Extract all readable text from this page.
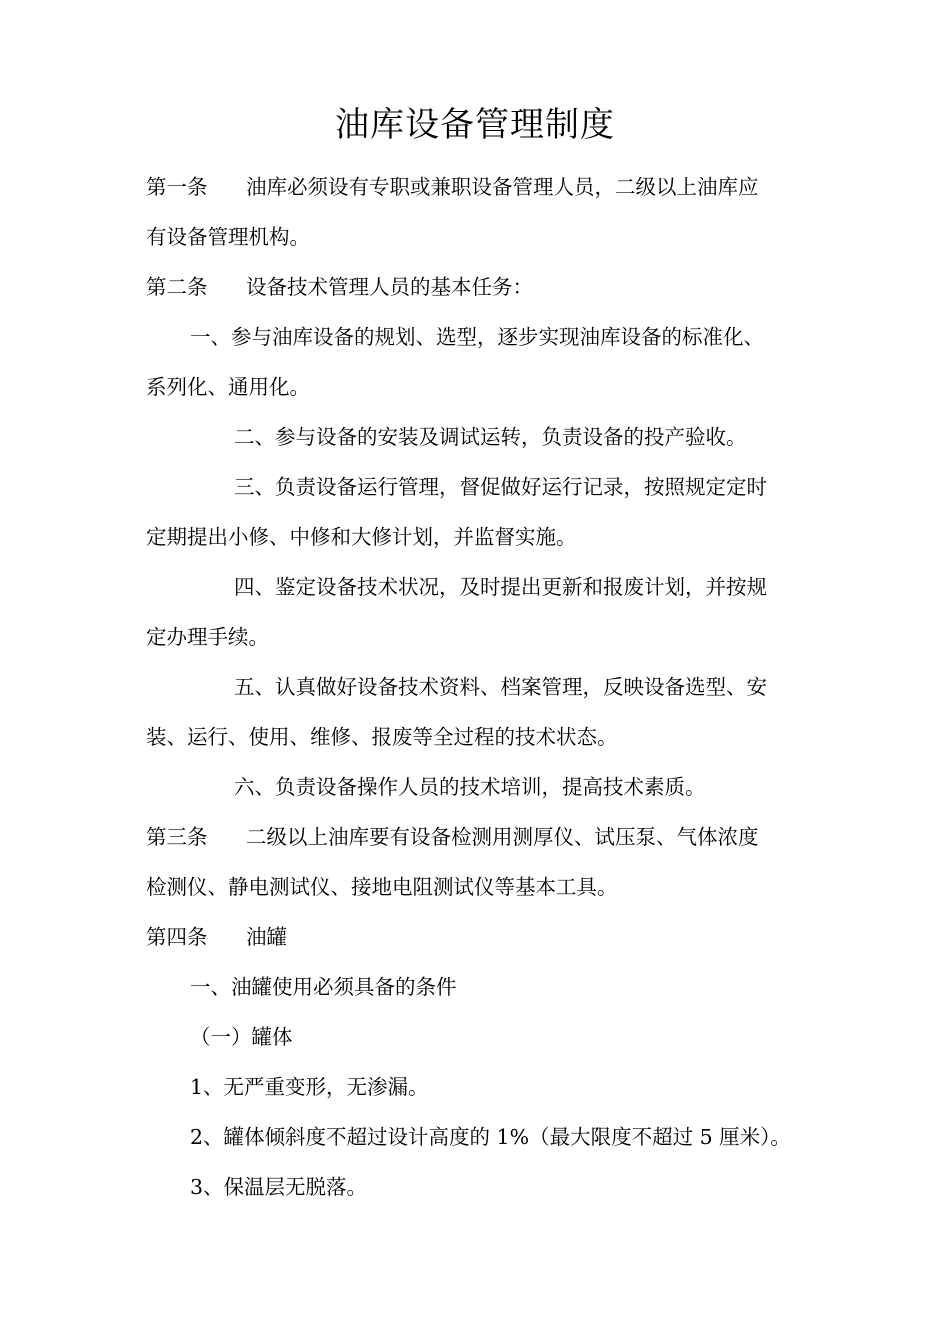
油库设备管理制度
第一条 油库必须设有专职或兼职设备管理人员，二级以上油库应
有设备管理机构。
第二条 设备技术管理人员的基本任务：
一、参与油库设备的规划、选型，逐步实现油库设备的标准化、
系列化、通用化。
二、参与设备的安装及调试运转，负责设备的投产验收。
三、负责设备运行管理，督促做好运行记录，按照规定定时
定期提出小修、中修和大修计划，并监督实施。
四、鉴定设备技术状况，及时提出更新和报废计划，并按规
定办理手续。
五、认真做好设备技术资料、档案管理，反映设备选型、安
装、运行、使用、维修、报废等全过程的技术状态。
六、负责设备操作人员的技术培训，提高技术素质。
第三条 二级以上油库要有设备检测用测厚仪、试压泵、气体浓度
检测仪、静电测试仪、接地电阻测试仪等基本工具。
第四条 油罐
一、油罐使用必须具备的条件
（一）罐体
1、无严重变形，无渗漏。
2、罐体倾斜度不超过设计高度的 1%（最大限度不超过 5 厘米）。
3、保温层无脱落。
